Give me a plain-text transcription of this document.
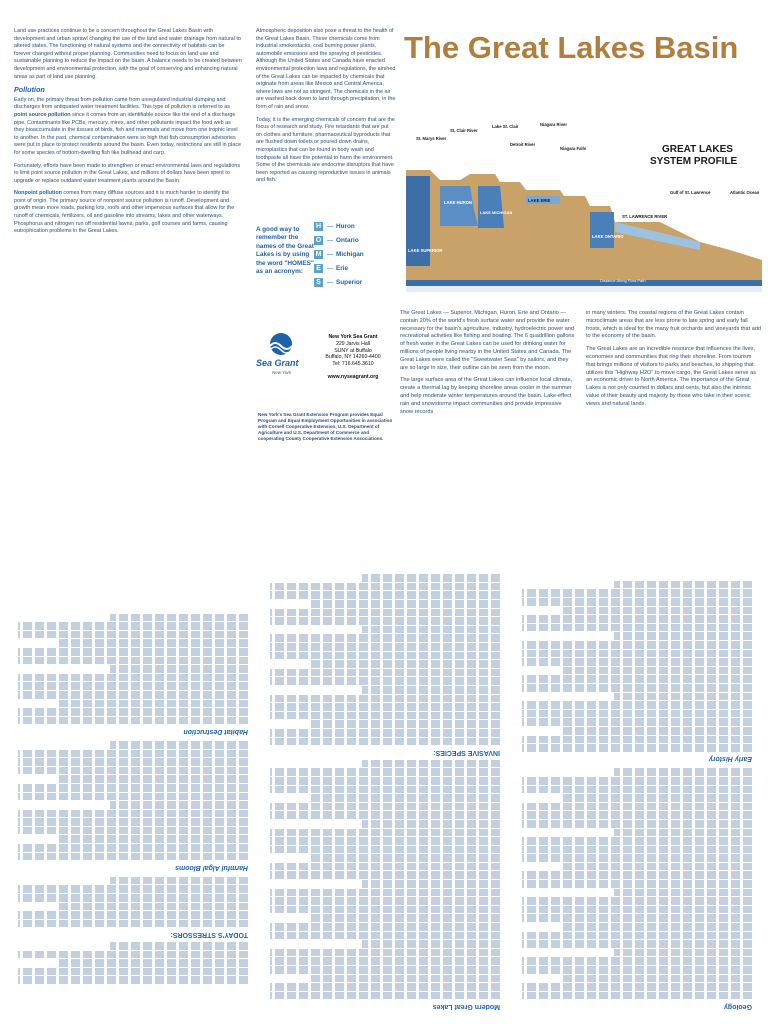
Land use practices continue to be a concern throughout the Great Lakes Basin with development and urban sprawl changing the use of the land and water drainage from natural to altered states. The functioning of natural systems and the connectivity of habitats can be forever changed without proper planning. Communities need to focus on land use and sustainable planning to reduce the impact on the basin. A balance needs to be created between development and environmental protection, with the goal of conserving and enhancing natural areas as part of land use planning.

Pollution

Early on, the primary threat from pollution came from unregulated industrial dumping and discharges from antiquated water treatment facilities. This type of pollution is referred to as point source pollution since it comes from an identifiable source like the end of a discharge pipe. Contaminants like PCBs, mercury, mirex, and other pollutants impact the food web as they bioaccumulate in the tissues of birds, fish and mammals and move from one trophic level to another. In the past, chemical contamination were so high that fish consumption advisories were put in place to protect residents around the basin. Even today, restrictions are still in place for some species of bottom-dwelling fish like bullhead and carp.

Fortunately, efforts have been made to strengthen or enact environmental laws and regulations to limit point source pollution in the Great Lakes, and millions of dollars have been spent to upgrade or replace outdated water treatment plants around the Basin.

Nonpoint pollution comes from many diffuse sources and it is much harder to identify the point of origin. The primary source of nonpoint source pollution is runoff. Development and growth mean more roads, parking lots, roofs and other impervious surfaces that allow for the runoff of chemicals, fertilizers, oil and gasoline into streams, lakes and other waterways. Phosphorus and nitrogen run off residential lawns, parks, golf courses and farms, causing eutrophication problems in the Great Lakes.

Atmospheric deposition also pose a threat to the health of the Great Lakes Basin. These chemicals come from industrial smokestacks, coal burning power plants, automobile emissions and the spraying of pesticides. Although the United States and Canada have enacted environmental protection laws and regulations, the airshed of the Great Lakes can be impacted by chemicals that originate from areas like Mexico and Central America, where laws are not as stringent. The chemicals in the air are washed back down to land through precipitation, in the form of rain and snow.

Today, it is the emerging chemicals of concern that are the focus of research and study. Fire retardants that are put on clothes and furniture, pharmaceutical byproducts that are flushed down toilets or poured down drains, microplastics that can be found in body wash and toothpaste all have the potential to harm the environment. Some of the chemicals are endocrine disruptors that have been reported as causing reproductive issues in animals and fish.

A good way to remember the names of the Great Lakes is by using the word "HOMES" as an acronym:
H — Huron
O — Ontario
M — Michigan
E	— Erie
S	— Superior
Sea Grant
New York
New York Sea Grant
229 Jarvis Hall
SUNY at Buffalo
Buffalo, NY 14260-4400
Tel: 716.645.3610
www.nyseagrant.org
New York's Sea Grant Extension Program provides Equal Program and Equal Employment Opportunities in association with Cornell Cooperative Extension, U.S. Department of Agriculture and U.S. Department of Commerce and cooperating County Cooperative Extension Associations.
The Great Lakes Basin
Distance Along Flow Path
GREAT LAKES
SYSTEM PROFILE
St. Marys River
St. Clair River
Lake St. Clair
Detroit River
Niagara River
Niagara Falls
LAKE HURON
LAKE MICHIGAN
LAKE ERIE
LAKE SUPERIOR
LAKE ONTARIO
ST. LAWRENCE RIVER
Gulf of St. Lawrence	Atlantic Ocean

The Great Lakes — Superior, Michigan, Huron, Erie and Ontario — contain 20% of the world's fresh surface water and provide the water necessary for the basin's agriculture, industry, hydroelectric power and recreational activities like fishing and boating. The 6 quadrillion gallons of fresh water in the Great Lakes can be used for drinking water for millions of people living nearby in the United States and Canada. The Great Lakes were called the "Sweetwater Seas" by sailors, and they are so large in size, their outline can be seen from the moon.

The large surface area of the Great Lakes can influence local climate, create a thermal lag by keeping shoreline areas cooler in the summer and help moderate winter temperatures around the basin. Lake-effect rain and snowstorms impact communities and provide impressive snow records

in many winters. The coastal regions of the Great Lakes contain microclimate areas that are less prone to late spring and early fall frosts, which is ideal for the many fruit orchards and vineyards that add to the economy of the basin.

The Great Lakes are an incredible resource that influences the lives, economies and communities that ring their shoreline. From tourism that brings millions of visitors to parks and beaches, to shipping that utilizes this "Highway H2O" to move cargo, the Great Lakes serve as an economic driver to North America. The importance of the Great Lakes is not only counted in dollars and cents, but also the intrinsic value of their beauty and majesty by those who take in their scenic views and natural lands.

Geology
Early History
Modern Great Lakes
INVASIVE SPECIES:
TODAY'S STRESSORS:
Harmful Algal Blooms
Habitat Destruction
